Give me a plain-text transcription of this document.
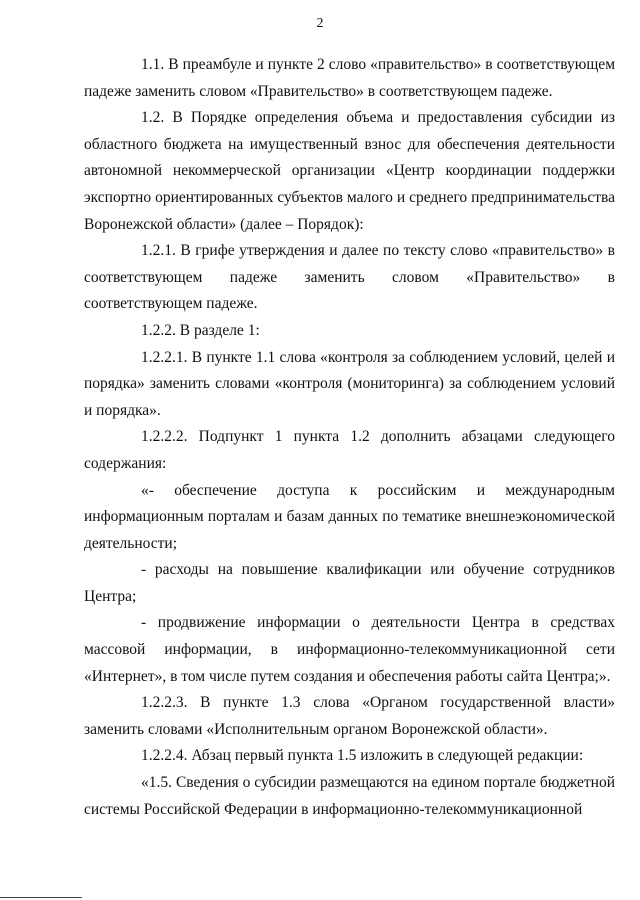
2

1.1. В преамбуле и пункте 2 слово «правительство» в соответствующем падеже заменить словом «Правительство» в соответствующем падеже.

1.2. В Порядке определения объема и предоставления субсидии из областного бюджета на имущественный взнос для обеспечения деятельности автономной некоммерческой организации «Центр координации поддержки экспортно ориентированных субъектов малого и среднего предпринимательства Воронежской области» (далее – Порядок):

1.2.1. В грифе утверждения и далее по тексту слово «правительство» в соответствующем падеже заменить словом «Правительство» в соответствующем падеже.

1.2.2. В разделе 1:

1.2.2.1. В пункте 1.1 слова «контроля за соблюдением условий, целей и порядка» заменить словами «контроля (мониторинга) за соблюдением условий и порядка».

1.2.2.2. Подпункт 1 пункта 1.2 дополнить абзацами следующего содержания:

«- обеспечение доступа к российским и международным информационным порталам и базам данных по тематике внешнеэкономической деятельности;

- расходы на повышение квалификации или обучение сотрудников Центра;

- продвижение информации о деятельности Центра в средствах массовой информации, в информационно-телекоммуникационной сети «Интернет», в том числе путем создания и обеспечения работы сайта Центра;».

1.2.2.3. В пункте 1.3 слова «Органом государственной власти» заменить словами «Исполнительным органом Воронежской области».

1.2.2.4. Абзац первый пункта 1.5 изложить в следующей редакции:

«1.5. Сведения о субсидии размещаются на едином портале бюджетной системы Российской Федерации в информационно-телекоммуникационной
